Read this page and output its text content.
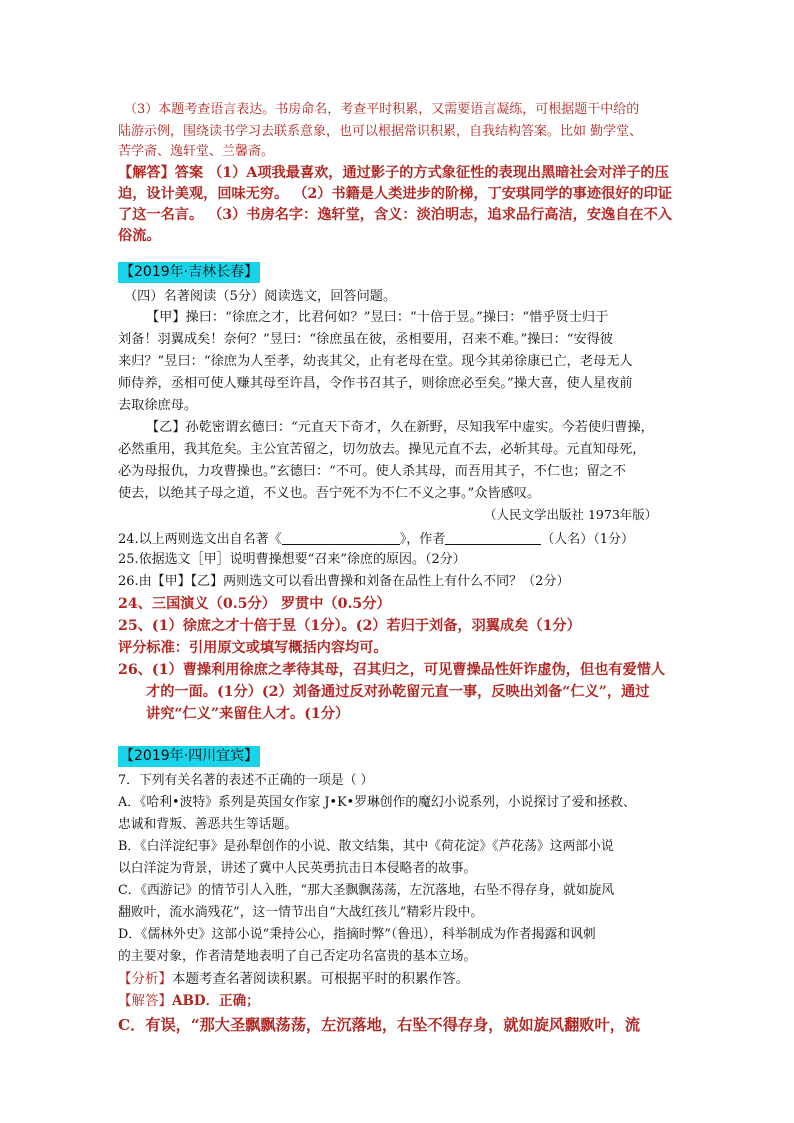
（3）本题考查语言表达。书房命名，考查平时积累，又需要语言凝练，可根据题干中给的
陆游示例，围绕读书学习去联系意象，也可以根据常识积累，自我结构答案。比如 勤学堂、
苦学斋、逸轩堂、兰馨斋。
【解答】答案 （1）A项我最喜欢，通过影子的方式象征性的表现出黑暗社会对洋子的压
迫，设计美观，回味无穷。 （2）书籍是人类进步的阶梯，丁安琪同学的事迹很好的印证
了这一名言。 （3）书房名字：逸轩堂，含义：淡泊明志，追求品行高洁，安逸自在不入
俗流。
【2019年·吉林长春】
（四）名著阅读（5分）阅读选文，回答问题。
【甲】操曰：“徐庶之才，比君何如？”昱曰：“十倍于昱。”操曰：“惜乎贤士归于
刘备！羽翼成矣！奈何？”昱曰：“徐庶虽在彼，丞相要用，召来不难。”操曰：“安得彼
来归？”昱曰：“徐庶为人至孝，幼丧其父，止有老母在堂。现今其弟徐康已亡，老母无人
师侍养，丞相可使人赚其母至许昌，令作书召其子，则徐庶必至矣。”操大喜，使人星夜前
去取徐庶母。
【乙】孙乾密谓玄德曰：“元直天下奇才，久在新野，尽知我军中虚实。今若使归曹操，
必然重用，我其危矣。主公宜苦留之，切勿放去。操见元直不去，必斩其母。元直知母死，
必为母报仇，力攻曹操也。”玄德曰：“不可。使人杀其母，而吾用其子，不仁也；留之不
使去，以绝其子母之道，不义也。吾宁死不为不仁不义之事。”众皆感叹。
（人民文学出版社 1973年版）
24.以上两则选文出自名著《	》，作者	（人名）（1分）
25.依据选文［甲］说明曹操想要“召来”徐庶的原因。（2分）
26.由【甲】【乙】两则选文可以看出曹操和刘备在品性上有什么不同？（2分）
24、三国演义（0.5分） 罗贯中（0.5分）
25、(1）徐庶之才十倍于昱（1分）。(2）若归于刘备，羽翼成矣（1分）
评分标准：引用原文或填写概括内容均可。
26、(1）曹操利用徐庶之孝待其母，召其归之，可见曹操品性奸诈虚伪，但也有爱惜人
才的一面。(1分）(2）刘备通过反对孙乾留元直一事，反映出刘备“仁义”，通过
讲究“仁义”来留住人才。(1分）
【2019年·四川宜宾】
7．下列有关名著的表述不正确的一项是（ ）
A．《哈利•波特》系列是英国女作家 J•K•罗琳创作的魔幻小说系列，小说探讨了爱和拯救、
忠诚和背叛、善恶共生等话题。
B．《白洋淀纪事》是孙犁创作的小说、散文结集，其中《荷花淀》《芦花荡》这两部小说
以白洋淀为背景，讲述了冀中人民英勇抗击日本侵略者的故事。
C．《西游记》的情节引人入胜，“那大圣飘飘荡荡，左沉落地，右坠不得存身，就如旋风
翻败叶，流水淌残花”，这一情节出自“大战红孩儿”精彩片段中。
D．《儒林外史》这部小说“秉持公心，指摘时弊”（鲁迅），科举制成为作者揭露和讽刺
的主要对象，作者清楚地表明了自己否定功名富贵的基本立场。
【分析】本题考查名著阅读积累。可根据平时的积累作答。
【解答】ABD．正确；
C．有误，“那大圣飘飘荡荡，左沉落地，右坠不得存身，就如旋风翻败叶，流
